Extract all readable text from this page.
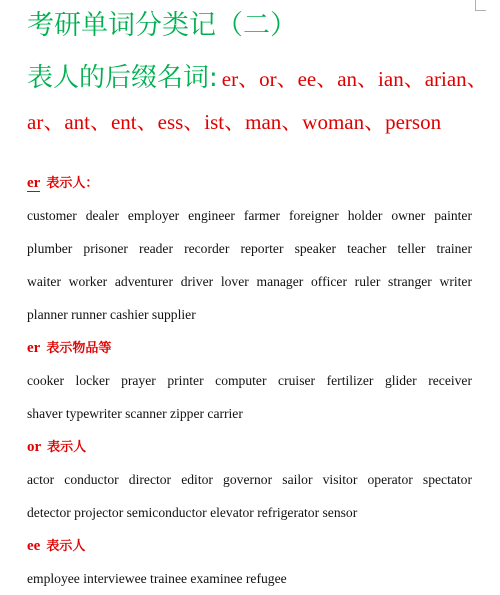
考研单词分类记（二）
表人的后缀名词: er、or、ee、an、ian、arian、
ar、ant、ent、ess、ist、man、woman、person
er 表示人：
customer dealer employer engineer farmer foreigner holder owner painter
plumber prisoner reader recorder reporter speaker teacher teller trainer
waiter worker adventurer driver lover manager officer ruler stranger writer
planner runner cashier supplier
er 表示物品等
cooker locker prayer printer computer cruiser fertilizer glider receiver
shaver typewriter scanner zipper carrier
or 表示人
actor conductor director editor governor sailor visitor operator spectator
detector projector semiconductor elevator refrigerator sensor
ee 表示人
employee interviewee trainee examinee refugee
